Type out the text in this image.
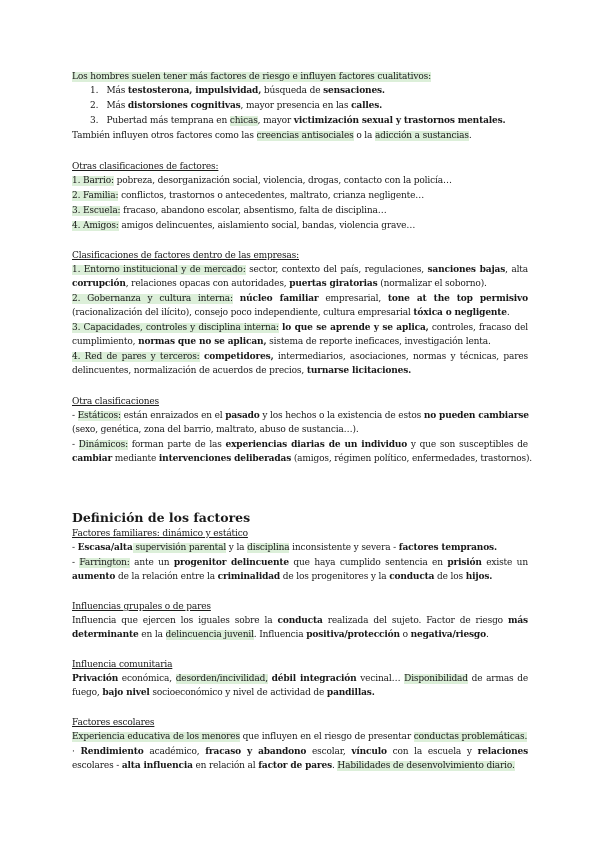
Los hombres suelen tener más factores de riesgo e influyen factores cualitativos:
1. Más testosterona, impulsividad, búsqueda de sensaciones.
2. Más distorsiones cognitivas, mayor presencia en las calles.
3. Pubertad más temprana en chicas, mayor victimización sexual y trastornos mentales.
También influyen otros factores como las creencias antisociales o la adicción a sustancias.
Otras clasificaciones de factores:
1. Barrio: pobreza, desorganización social, violencia, drogas, contacto con la policía…
2. Familia: conflictos, trastornos o antecedentes, maltrato, crianza negligente…
3. Escuela: fracaso, abandono escolar, absentismo, falta de disciplina…
4. Amigos: amigos delincuentes, aislamiento social, bandas, violencia grave…
Clasificaciones de factores dentro de las empresas:
1. Entorno institucional y de mercado: sector, contexto del país, regulaciones, sanciones bajas, alta
corrupción, relaciones opacas con autoridades, puertas giratorias (normalizar el soborno).
2. Gobernanza y cultura interna: núcleo familiar empresarial, tone at the top permisivo
(racionalización del ilícito), consejo poco independiente, cultura empresarial tóxica o negligente.
3. Capacidades, controles y disciplina interna: lo que se aprende y se aplica, controles, fracaso del
cumplimiento, normas que no se aplican, sistema de reporte ineficaces, investigación lenta.
4. Red de pares y terceros: competidores, intermediarios, asociaciones, normas y técnicas, pares
delincuentes, normalización de acuerdos de precios, turnarse licitaciones.
Otra clasificaciones
- Estáticos: están enraizados en el pasado y los hechos o la existencia de estos no pueden cambiarse
(sexo, genética, zona del barrio, maltrato, abuso de sustancia…).
- Dinámicos: forman parte de las experiencias diarias de un individuo y que son susceptibles de
cambiar mediante intervenciones deliberadas (amigos, régimen político, enfermedades, trastornos).
Definición de los factores
Factores familiares: dinámico y estático
- Escasa/alta supervisión parental y la disciplina inconsistente y severa - factores tempranos.
- Farrington: ante un progenitor delincuente que haya cumplido sentencia en prisión existe un
aumento de la relación entre la criminalidad de los progenitores y la conducta de los hijos.
Influencias grupales o de pares
Influencia que ejercen los iguales sobre la conducta realizada del sujeto. Factor de riesgo más
determinante en la delincuencia juvenil. Influencia positiva/protección o negativa/riesgo.
Influencia comunitaria
Privación económica, desorden/incivilidad, débil integración vecinal… Disponibilidad de armas de
fuego, bajo nivel socioeconómico y nivel de actividad de pandillas.
Factores escolares
Experiencia educativa de los menores que influyen en el riesgo de presentar conductas problemáticas.
· Rendimiento académico, fracaso y abandono escolar, vínculo con la escuela y relaciones
escolares - alta influencia en relación al factor de pares. Habilidades de desenvolvimiento diario.
